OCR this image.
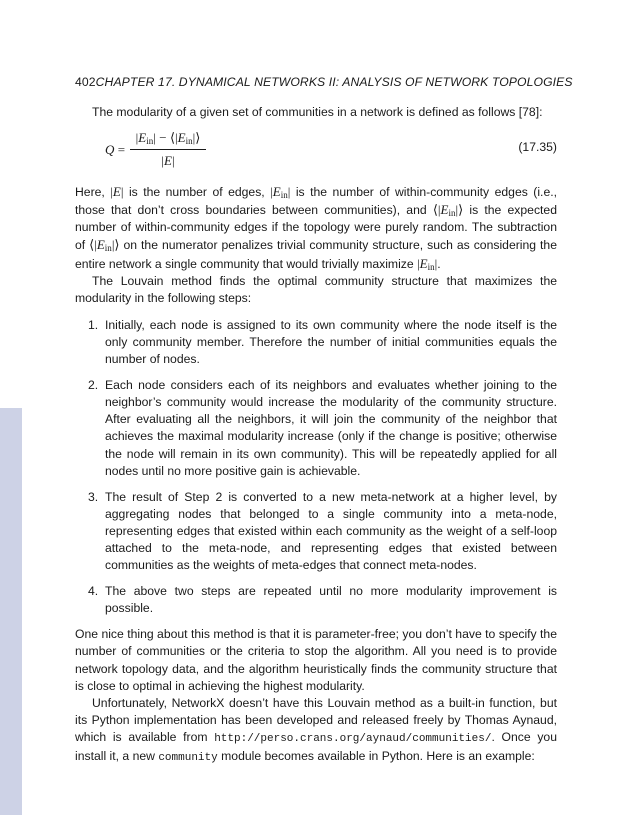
402CHAPTER 17. DYNAMICAL NETWORKS II: ANALYSIS OF NETWORK TOPOLOGIES

The modularity of a given set of communities in a network is defined as follows [78]:

Q =
$|E_{in}|$ − $⟨|E_{in}|⟩$
|E|
(17.35)

Here, |E| is the number of edges, $|E_{in}|$ is the number of within-community edges (i.e., those that don’t cross boundaries between communities), and $⟨|E_{in}|⟩$ is the expected number of within-community edges if the topology were purely random. The subtraction of $⟨|E_{in}|⟩$ on the numerator penalizes trivial community structure, such as considering the entire network a single community that would trivially maximize $|E_{in}|$.

The Louvain method finds the optimal community structure that maximizes the modularity in the following steps:

1. Initially, each node is assigned to its own community where the node itself is the only community member. Therefore the number of initial communities equals the number of nodes.
2. Each node considers each of its neighbors and evaluates whether joining to the neighbor’s community would increase the modularity of the community structure. After evaluating all the neighbors, it will join the community of the neighbor that achieves the maximal modularity increase (only if the change is positive; otherwise the node will remain in its own community). This will be repeatedly applied for all nodes until no more positive gain is achievable.
3. The result of Step 2 is converted to a new meta-network at a higher level, by aggregating nodes that belonged to a single community into a meta-node, representing edges that existed within each community as the weight of a self-loop attached to the meta-node, and representing edges that existed between communities as the weights of meta-edges that connect meta-nodes.
4. The above two steps are repeated until no more modularity improvement is possible.

One nice thing about this method is that it is parameter-free; you don’t have to specify the number of communities or the criteria to stop the algorithm. All you need is to provide network topology data, and the algorithm heuristically finds the community structure that is close to optimal in achieving the highest modularity.

Unfortunately, NetworkX doesn’t have this Louvain method as a built-in function, but its Python implementation has been developed and released freely by Thomas Aynaud, which is available from http://perso.crans.org/aynaud/communities/. Once you install it, a new community module becomes available in Python. Here is an example:
